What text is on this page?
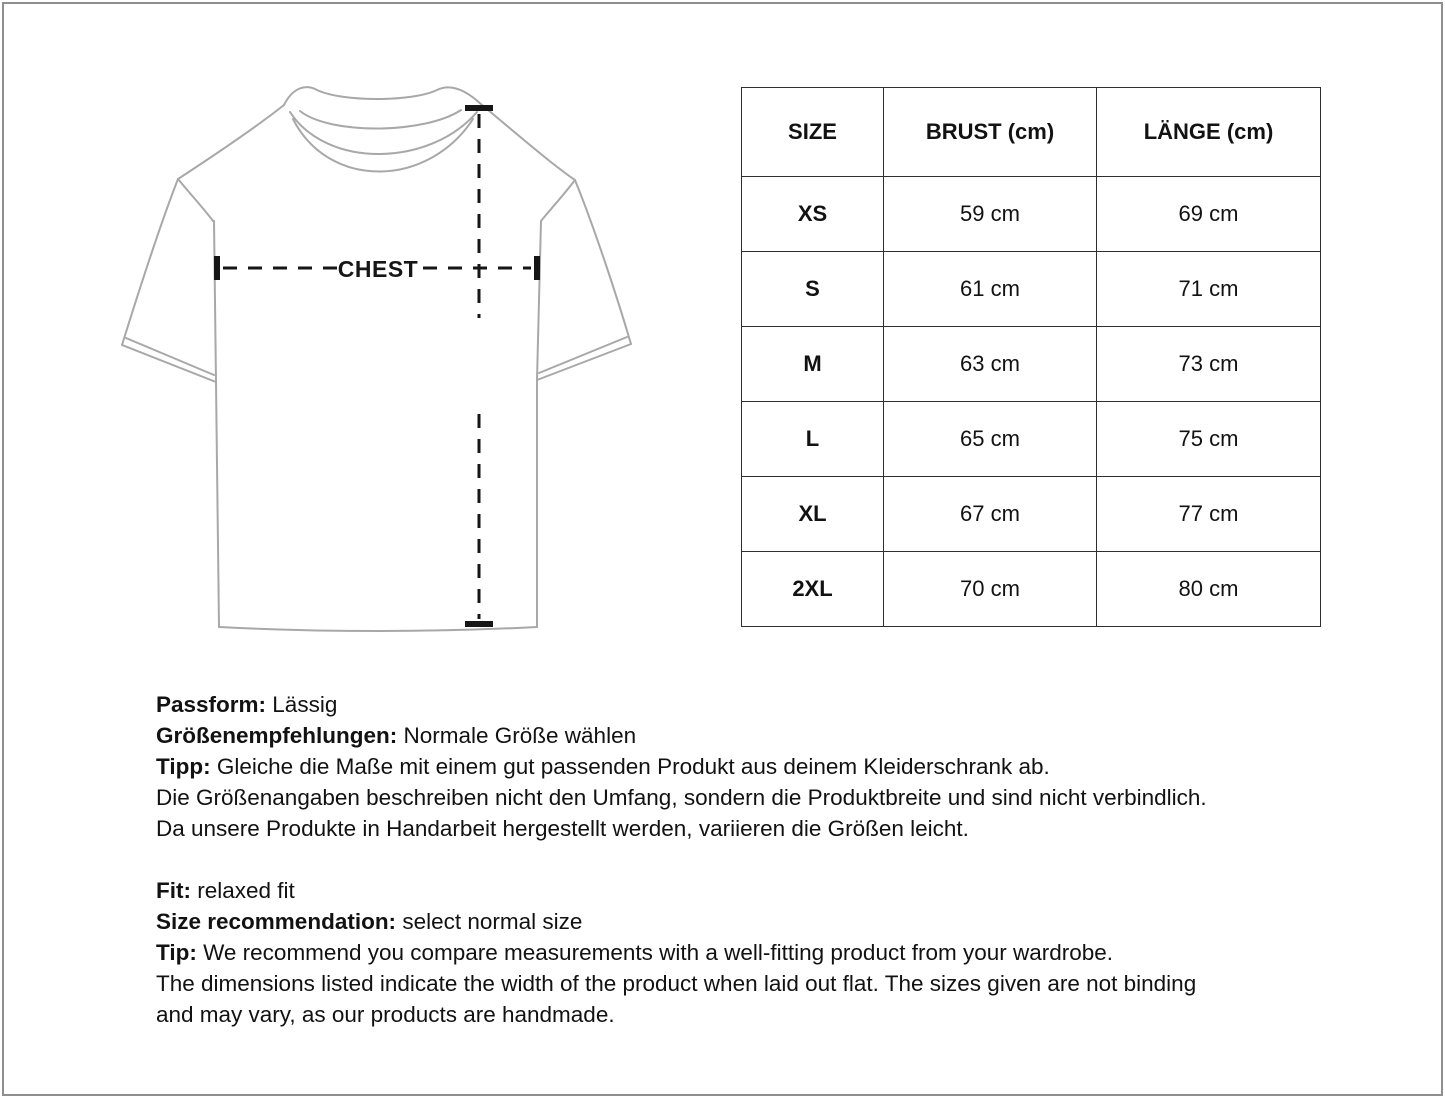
CHEST
SIZE	BRUST (cm)	LÄNGE (cm)
XS	59 cm	69 cm
S	61 cm	71 cm
M	63 cm	73 cm
L	65 cm	75 cm
XL	67 cm	77 cm
2XL	70 cm	80 cm

Passform: Lässig

Größenempfehlungen: Normale Größe wählen

Tipp: Gleiche die Maße mit einem gut passenden Produkt aus deinem Kleiderschrank ab.

Die Größenangaben beschreiben nicht den Umfang, sondern die Produktbreite und sind nicht verbindlich.

Da unsere Produkte in Handarbeit hergestellt werden, variieren die Größen leicht.

Fit: relaxed fit

Size recommendation: select normal size

Tip: We recommend you compare measurements with a well-fitting product from your wardrobe.

The dimensions listed indicate the width of the product when laid out flat. The sizes given are not binding

and may vary, as our products are handmade.
